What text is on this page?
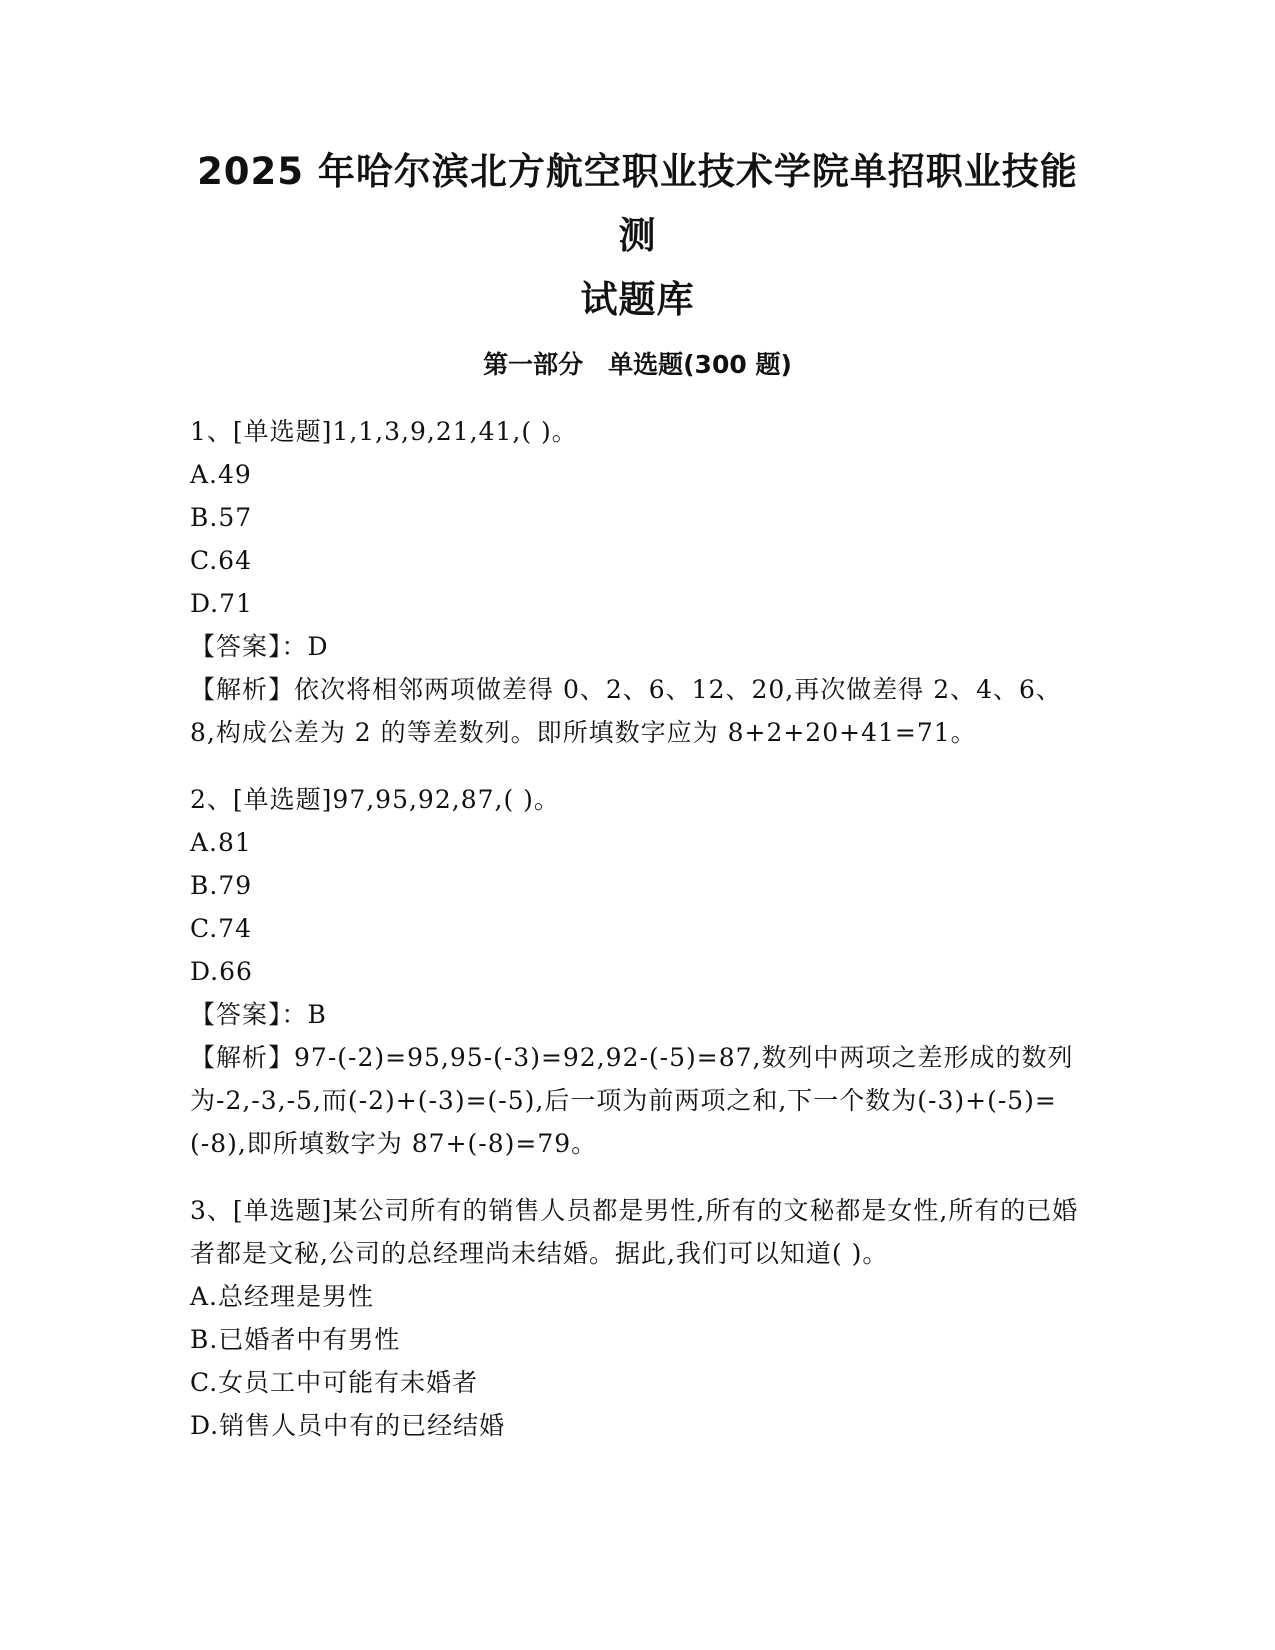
2025 年哈尔滨北方航空职业技术学院单招职业技能测
试题库
第一部分　单选题(300 题)
1、[单选题]1,1,3,9,21,41,( )。
A.49
B.57
C.64
D.71
【答案】：D
【解析】依次将相邻两项做差得 0、2、6、12、20,再次做差得 2、4、6、8,构成公差为 2 的等差数列。即所填数字应为 8+2+20+41=71。
2、[单选题]97,95,92,87,( )。
A.81
B.79
C.74
D.66
【答案】：B
【解析】97-(-2)=95,95-(-3)=92,92-(-5)=87,数列中两项之差形成的数列为-2,-3,-5,而(-2)+(-3)=(-5),后一项为前两项之和,下一个数为(-3)+(-5)=(-8),即所填数字为 87+(-8)=79。
3、[单选题]某公司所有的销售人员都是男性,所有的文秘都是女性,所有的已婚者都是文秘,公司的总经理尚未结婚。据此,我们可以知道( )。
A.总经理是男性
B.已婚者中有男性
C.女员工中可能有未婚者
D.销售人员中有的已经结婚
